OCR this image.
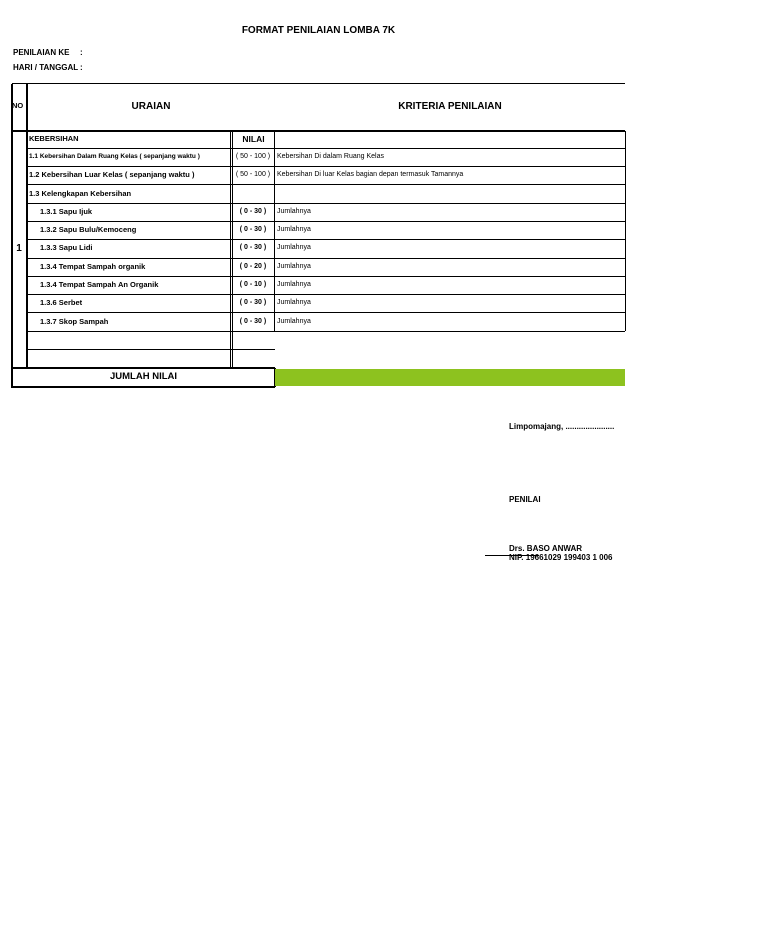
FORMAT PENILAIAN LOMBA 7K
PENILAIAN KE :
HARI / TANGGAL :
NO	URAIAN	KRITERIA PENILAIAN
1
KEBERSIHAN	NILAI
1.1 Kebersihan Dalam Ruang Kelas ( sepanjang waktu )	( 50 - 100 ) Kebersihan Di dalam Ruang Kelas
1.2 Kebersihan Luar Kelas ( sepanjang waktu )	( 50 - 100 ) Kebersihan Di luar Kelas bagian depan termasuk Tamannya
1.3 Kelengkapan Kebersihan
1.3.1 Sapu Ijuk	( 0 - 30 )	Jumlahnya
1.3.2 Sapu Bulu/Kemoceng	( 0 - 30 )	Jumlahnya
1.3.3 Sapu Lidi	( 0 - 30 )	Jumlahnya
1.3.4 Tempat Sampah organik	( 0 - 20 )	Jumlahnya
1.3.4 Tempat Sampah An Organik	( 0 - 10 )	Jumlahnya
1.3.6 Serbet	( 0 - 30 )	Jumlahnya
1.3.7 Skop Sampah	( 0 - 30 )	Jumlahnya
JUMLAH NILAI
Limpomajang, ......................
PENILAI
Drs. BASO ANWAR
NIP. 19661029 199403 1 006
